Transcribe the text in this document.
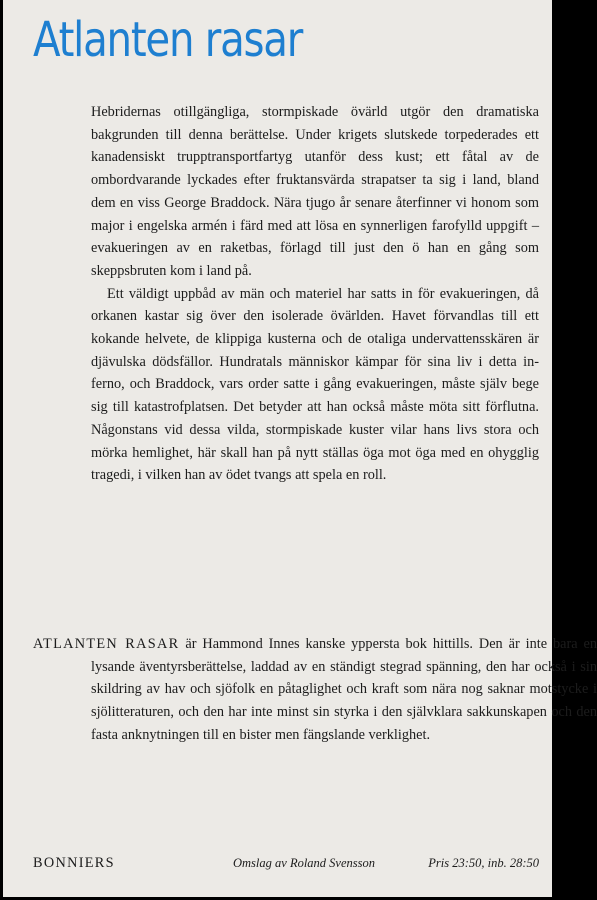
Atlanten rasar

Hebridernas otillgängliga, stormpiskade övärld utgör den dramatiska bakgrunden till denna berättelse. Under krigets slutskede torpederades ett kanadensiskt trupptransportfartyg utanför dess kust; ett fåtal av de ombordvarande lyckades efter fruktansvärda strapatser ta sig i land, bland dem en viss George Braddock. Nära tjugo år senare återfinner vi honom som major i engelska armén i färd med att lösa en synnerligen farofylld uppgift – evakueringen av en raketbas, förlagd till just den ö han en gång som skeppsbruten kom i land på.

Ett väldigt uppbåd av män och materiel har satts in för evakueringen, då orkanen kastar sig över den isolerade övärlden. Havet förvandlas till ett kokande helvete, de klippiga kusterna och de otaliga undervattensskären är djävulska dödsfällor. Hundratals människor kämpar för sina liv i detta inferno, och Braddock, vars order satte i gång evakueringen, måste själv bege sig till katastrofplatsen. Det betyder att han också måste möta sitt förflutna. Någonstans vid dessa vilda, stormpiskade kuster vilar hans livs stora och mörka hemlighet, här skall han på nytt ställas öga mot öga med en ohygglig tragedi, i vilken han av ödet tvangs att spela en roll.

ATLANTEN RASAR är Hammond Innes kanske yppersta bok hittills. Den är inte bara en lysande äventyrsberättelse, laddad av en ständigt stegrad spänning, den har också i sin skildring av hav och sjöfolk en påtaglighet och kraft som nära nog saknar motstycke i sjölitteraturen, och den har inte minst sin styrka i den självklara sakkunskapen och den fasta anknytningen till en bister men fängslande verklighet.

BONNIERS	Omslag av Roland Svensson	Pris 23:50, inb. 28:50
